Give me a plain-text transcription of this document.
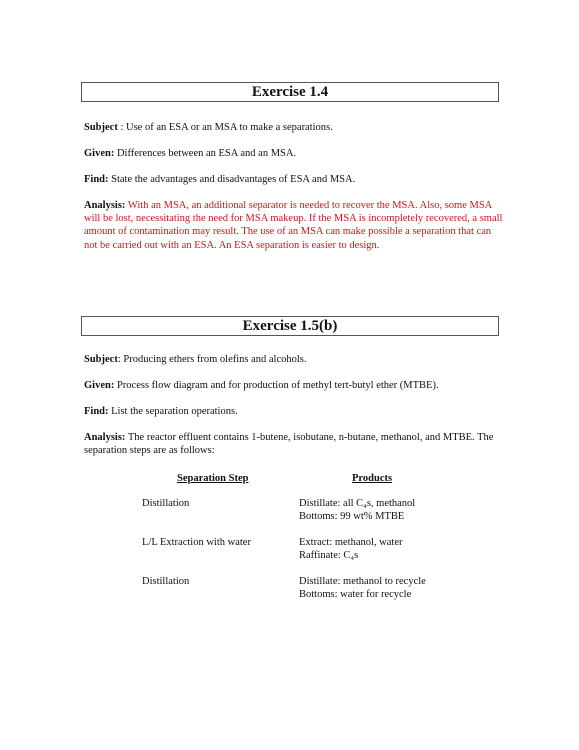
Exercise 1.4
Subject : Use of an ESA or an MSA to make a separations.
Given: Differences between an ESA and an MSA.
Find: State the advantages and disadvantages of ESA and MSA.
Analysis: With an MSA, an additional separator is needed to recover the MSA. Also, some MSA will be lost, necessitating the need for MSA makeup. If the MSA is incompletely recovered, a small amount of contamination may result. The use of an MSA can make possible a separation that can not be carried out with an ESA. An ESA separation is easier to design.
Exercise 1.5(b)
Subject: Producing ethers from olefins and alcohols.
Given: Process flow diagram and for production of methyl tert-butyl ether (MTBE).
Find: List the separation operations.
Analysis: The reactor effluent contains 1-butene, isobutane, n-butane, methanol, and MTBE. The separation steps are as follows:
Separation Step	Products
Distillation	Distillate: all C₄s, methanol
Bottoms: 99 wt% MTBE
L/L Extraction with water	Extract: methanol, water
Raffinate: C₄s
Distillation	Distillate: methanol to recycle
Bottoms: water for recycle
